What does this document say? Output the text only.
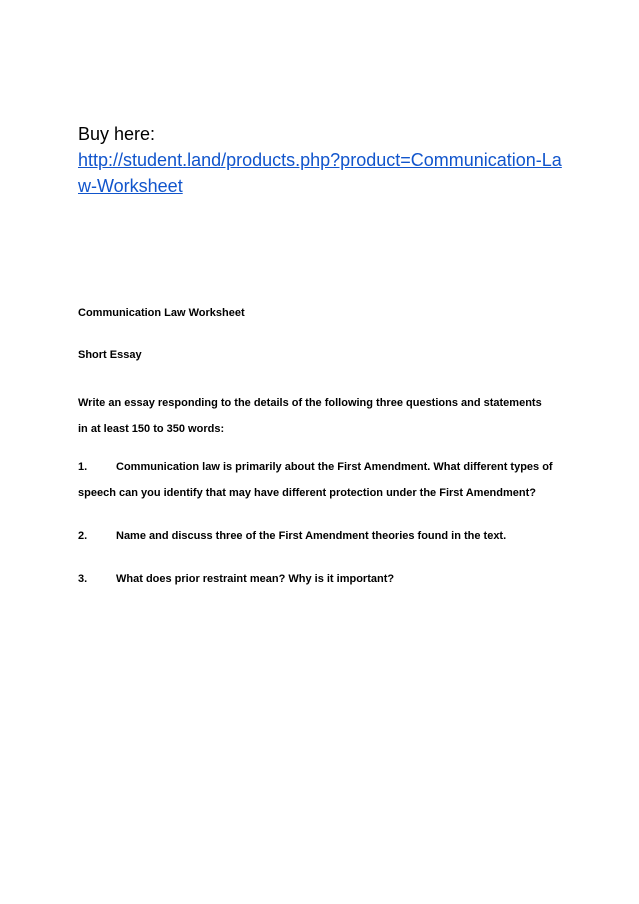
Buy here:

http://student.land/products.php?product=Communication-Law-Worksheet

Communication Law Worksheet

Short Essay

Write an essay responding to the details of the following three questions and statements in at least 150 to 350 words:

1.	Communication law is primarily about the First Amendment. What different types of speech can you identify that may have different protection under the First Amendment?
2.	Name and discuss three of the First Amendment theories found in the text.
3.	What does prior restraint mean? Why is it important?
